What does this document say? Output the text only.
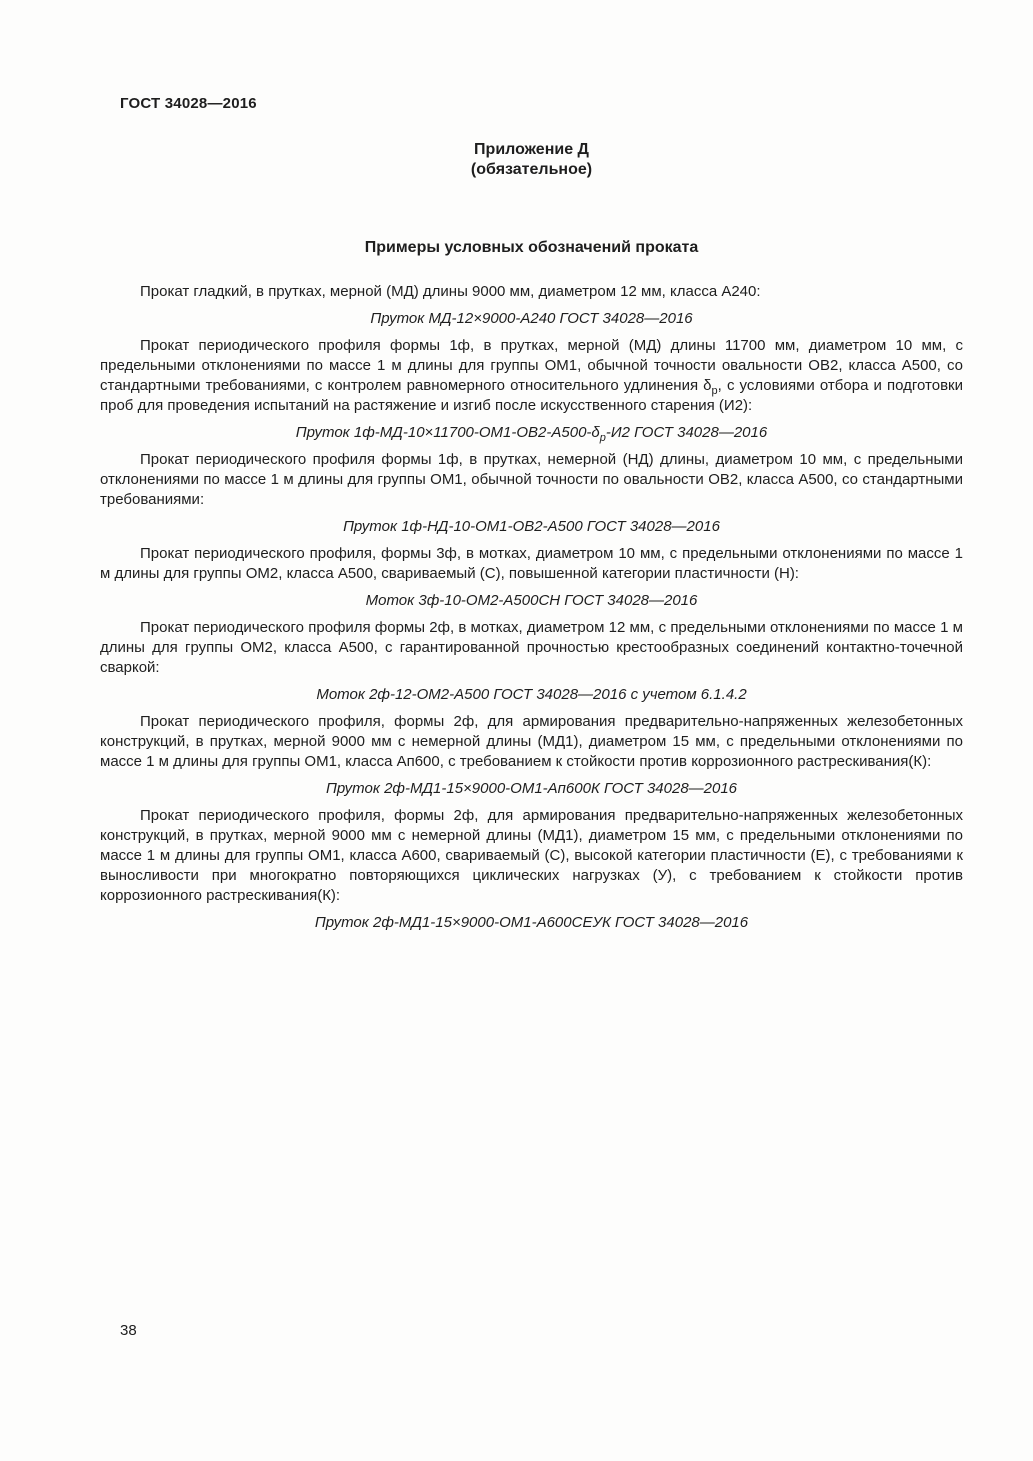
ГОСТ 34028—2016

Приложение Д

(обязательное)

Примеры условных обозначений проката

Прокат гладкий, в прутках, мерной (МД) длины 9000 мм, диаметром 12 мм, класса А240:

Пруток МД-12×9000-А240 ГОСТ 34028—2016

Прокат периодического профиля формы 1ф, в прутках, мерной (МД) длины 11700 мм, диаметром 10 мм, с предельными отклонениями по массе 1 м длины для группы ОМ1, обычной точности овальности ОВ2, класса А500, со стандартными требованиями, с контролем равномерного относительного удлинения $\delta_р$, с условиями отбора и подготовки проб для проведения испытаний на растяжение и изгиб после искусственного старения (И2):

Пруток $1ф-МД-10\times 11700-ОМ1-ОВ2-А500-\delta_р-И2$ ГОСТ 34028—2016

Прокат периодического профиля формы 1ф, в прутках, немерной (НД) длины, диаметром 10 мм, с предельными отклонениями по массе 1 м длины для группы ОМ1, обычной точности по овальности ОВ2, класса А500, со стандартными требованиями:

Пруток 1ф-НД-10-ОМ1-ОВ2-А500 ГОСТ 34028—2016

Прокат периодического профиля, формы 3ф, в мотках, диаметром 10 мм, с предельными отклонениями по массе 1 м длины для группы ОМ2, класса А500, свариваемый (С), повышенной категории пластичности (Н):

Моток 3ф-10-ОМ2-А500СН ГОСТ 34028—2016

Прокат периодического профиля формы 2ф, в мотках, диаметром 12 мм, с предельными отклонениями по массе 1 м длины для группы ОМ2, класса А500, с гарантированной прочностью крестообразных соединений контактно-точечной сваркой:

Моток 2ф-12-ОМ2-А500 ГОСТ 34028—2016 с учетом 6.1.4.2

Прокат периодического профиля, формы 2ф, для армирования предварительно-напряженных железобетонных конструкций, в прутках, мерной 9000 мм с немерной длины (МД1), диаметром 15 мм, с предельными отклонениями по массе 1 м длины для группы ОМ1, класса Ап600, с требованием к стойкости против коррозионного растрескивания(К):

Пруток 2ф-МД1-15×9000-ОМ1-Ап600К ГОСТ 34028—2016

Прокат периодического профиля, формы 2ф, для армирования предварительно-напряженных железобетонных конструкций, в прутках, мерной 9000 мм с немерной длины (МД1), диаметром 15 мм, с предельными отклонениями по массе 1 м длины для группы ОМ1, класса А600, свариваемый (С), высокой категории пластичности (Е), с требованиями к выносливости при многократно повторяющихся циклических нагрузках (У), с требованием к стойкости против коррозионного растрескивания(К):

Пруток 2ф-МД1-15×9000-ОМ1-А600СЕУК ГОСТ 34028—2016

38
